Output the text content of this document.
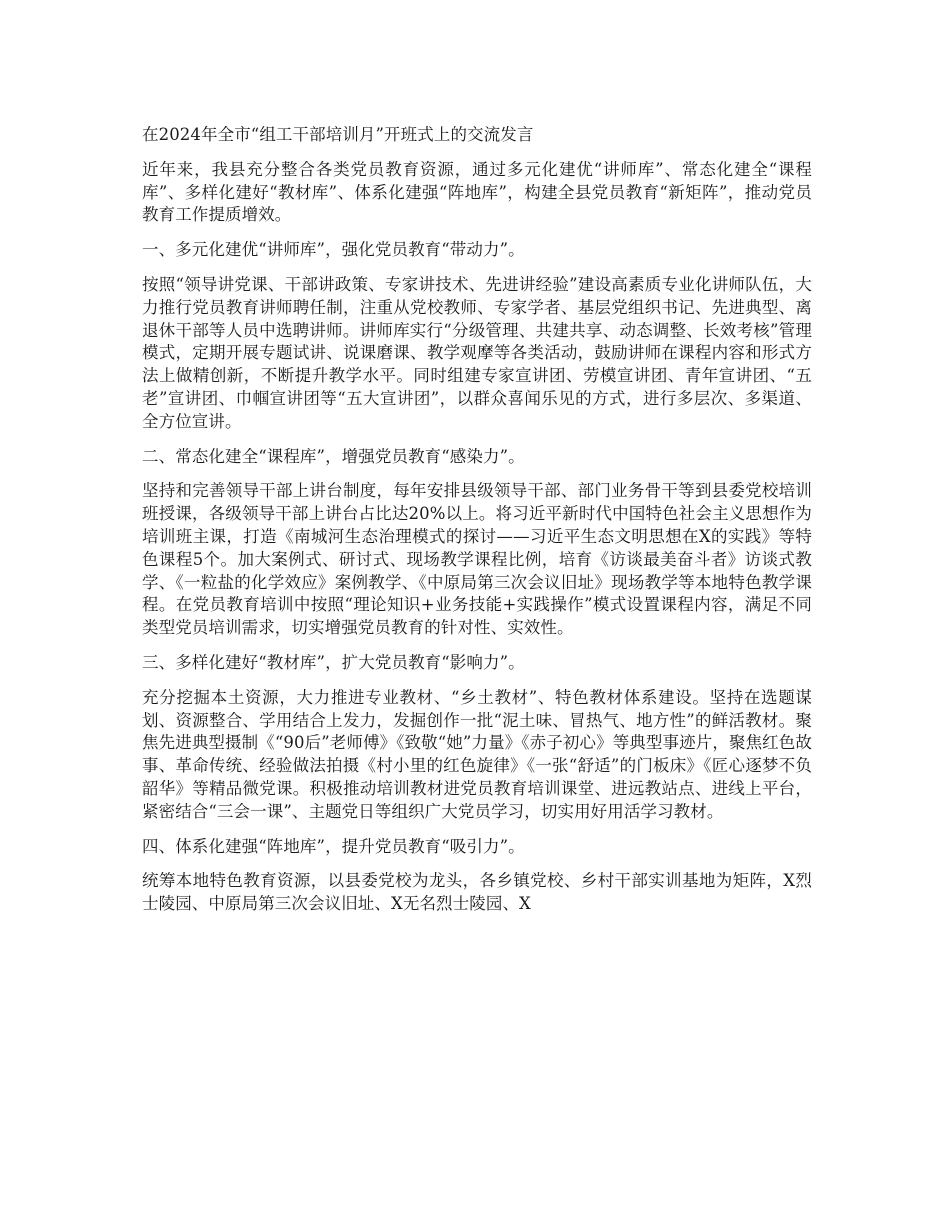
在2024年全市“组工干部培训月”开班式上的交流发言
近年来，我县充分整合各类党员教育资源，通过多元化建优“讲师库”、常态化建全“课程库”、多样化建好“教材库”、体系化建强“阵地库”，构建全县党员教育“新矩阵”，推动党员教育工作提质增效。
一、多元化建优“讲师库”，强化党员教育“带动力”。
按照“领导讲党课、干部讲政策、专家讲技术、先进讲经验”建设高素质专业化讲师队伍，大力推行党员教育讲师聘任制，注重从党校教师、专家学者、基层党组织书记、先进典型、离退休干部等人员中选聘讲师。讲师库实行“分级管理、共建共享、动态调整、长效考核”管理模式，定期开展专题试讲、说课磨课、教学观摩等各类活动，鼓励讲师在课程内容和形式方法上做精创新，不断提升教学水平。同时组建专家宣讲团、劳模宣讲团、青年宣讲团、“五老”宣讲团、巾帼宣讲团等“五大宣讲团”，以群众喜闻乐见的方式，进行多层次、多渠道、全方位宣讲。
二、常态化建全“课程库”，增强党员教育“感染力”。
坚持和完善领导干部上讲台制度，每年安排县级领导干部、部门业务骨干等到县委党校培训班授课，各级领导干部上讲台占比达20%以上。将习近平新时代中国特色社会主义思想作为培训班主课，打造《南城河生态治理模式的探讨——习近平生态文明思想在X的实践》等特色课程5个。加大案例式、研讨式、现场教学课程比例，培育《访谈最美奋斗者》访谈式教学、《一粒盐的化学效应》案例教学、《中原局第三次会议旧址》现场教学等本地特色教学课程。在党员教育培训中按照“理论知识+业务技能+实践操作”模式设置课程内容，满足不同类型党员培训需求，切实增强党员教育的针对性、实效性。
三、多样化建好“教材库”，扩大党员教育“影响力”。
充分挖掘本土资源，大力推进专业教材、“乡土教材”、特色教材体系建设。坚持在选题谋划、资源整合、学用结合上发力，发掘创作一批“泥土味、冒热气、地方性”的鲜活教材。聚焦先进典型摄制《“90后”老师傅》《致敬“她”力量》《赤子初心》等典型事迹片，聚焦红色故事、革命传统、经验做法拍摄《村小里的红色旋律》《一张“舒适”的门板床》《匠心逐梦不负韶华》等精品微党课。积极推动培训教材进党员教育培训课堂、进远教站点、进线上平台，紧密结合“三会一课”、主题党日等组织广大党员学习，切实用好用活学习教材。
四、体系化建强“阵地库”，提升党员教育“吸引力”。
统筹本地特色教育资源，以县委党校为龙头，各乡镇党校、乡村干部实训基地为矩阵，X烈士陵园、中原局第三次会议旧址、X无名烈士陵园、X
